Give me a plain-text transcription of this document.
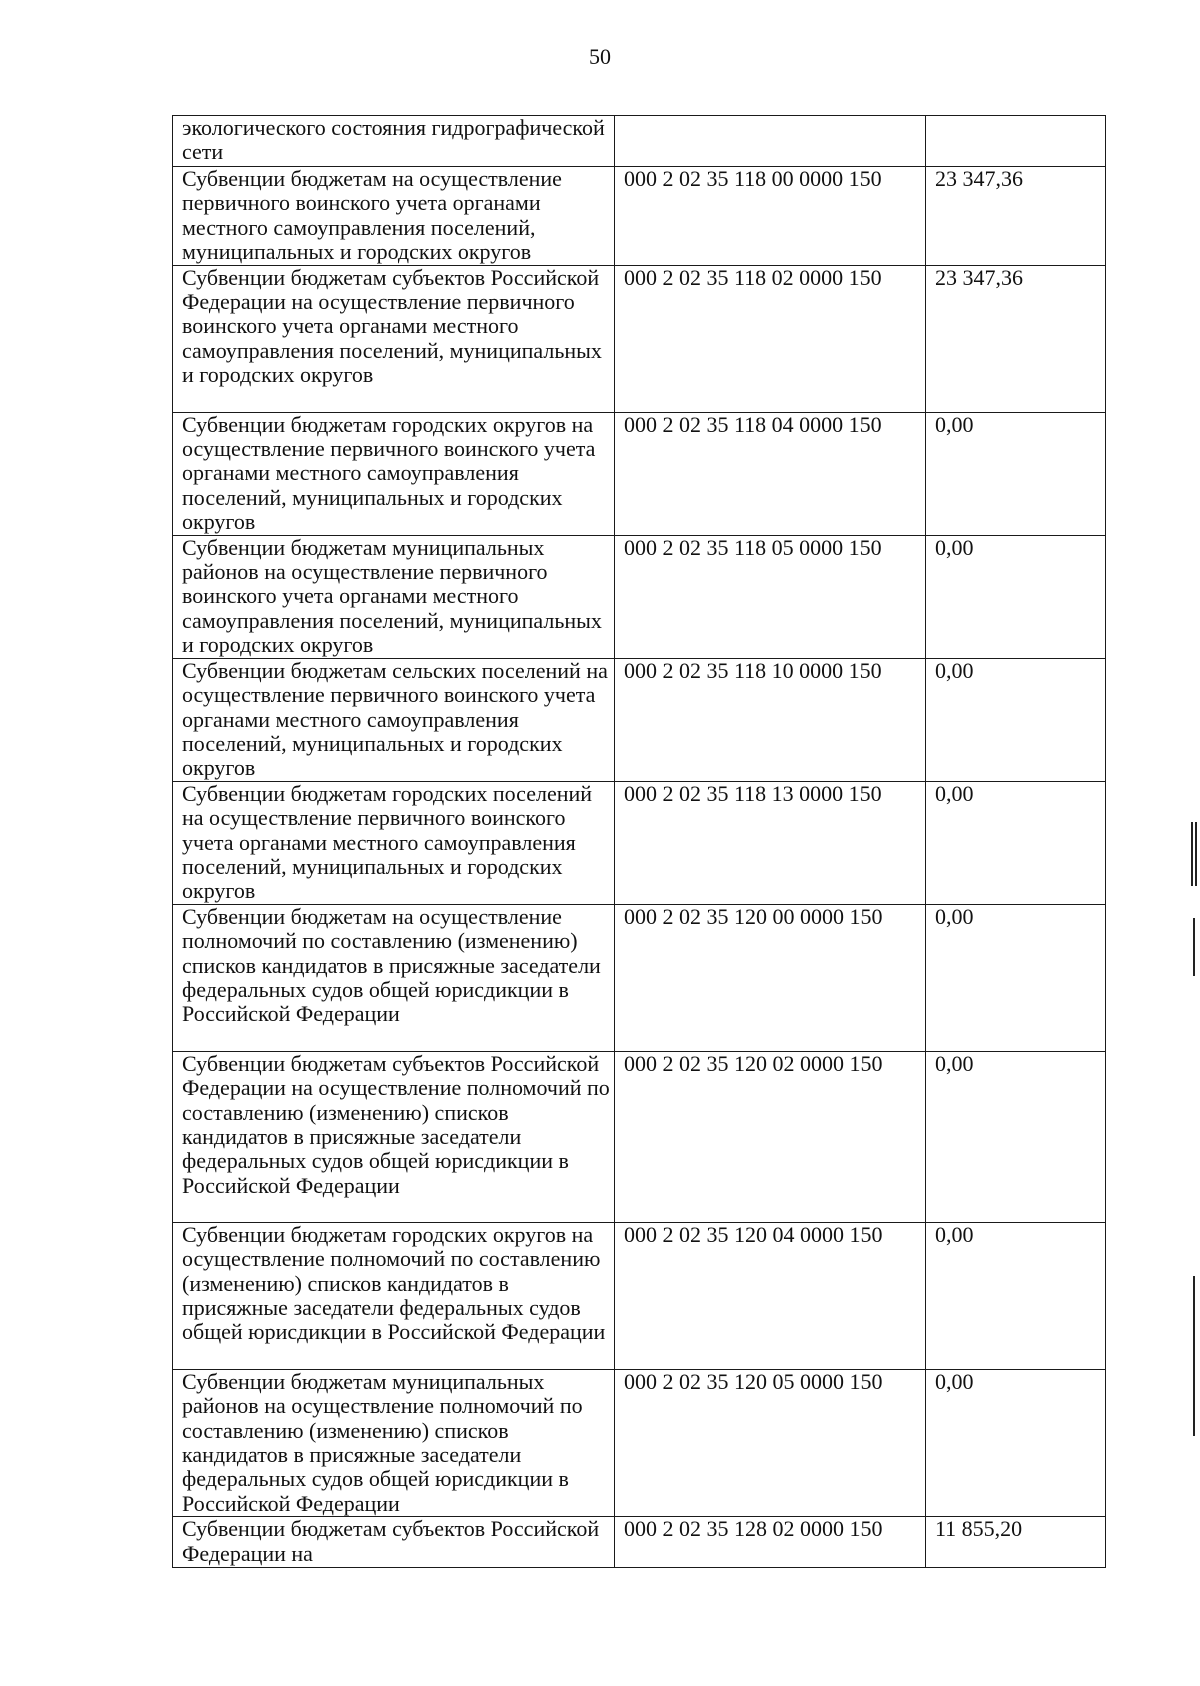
50
экологического состояния гидрографической сети		
Субвенции бюджетам на осуществление первичного воинского учета органами местного самоуправления поселений, муниципальных и городских округов	000 2 02 35 118 00 0000 150	23 347,36
Субвенции бюджетам субъектов Российской Федерации на осуществление первичного воинского учета органами местного самоуправления поселений, муниципальных и городских округов	000 2 02 35 118 02 0000 150	23 347,36
Субвенции бюджетам городских округов на осуществление первичного воинского учета органами местного самоуправления поселений, муниципальных и городских округов	000 2 02 35 118 04 0000 150	0,00
Субвенции бюджетам муниципальных районов на осуществление первичного воинского учета органами местного самоуправления поселений, муниципальных и городских округов	000 2 02 35 118 05 0000 150	0,00
Субвенции бюджетам сельских поселений на осуществление первичного воинского учета органами местного самоуправления поселений, муниципальных и городских округов	000 2 02 35 118 10 0000 150	0,00
Субвенции бюджетам городских поселений на осуществление первичного воинского учета органами местного самоуправления поселений, муниципальных и городских округов	000 2 02 35 118 13 0000 150	0,00
Субвенции бюджетам на осуществление полномочий по составлению (изменению) списков кандидатов в присяжные заседатели федеральных судов общей юрисдикции в Российской Федерации	000 2 02 35 120 00 0000 150	0,00
Субвенции бюджетам субъектов Российской Федерации на осуществление полномочий по составлению (изменению) списков кандидатов в присяжные заседатели федеральных судов общей юрисдикции в Российской Федерации	000 2 02 35 120 02 0000 150	0,00
Субвенции бюджетам городских округов на осуществление полномочий по составлению (изменению) списков кандидатов в присяжные заседатели федеральных судов общей юрисдикции в Российской Федерации	000 2 02 35 120 04 0000 150	0,00
Субвенции бюджетам муниципальных районов на осуществление полномочий по составлению (изменению) списков кандидатов в присяжные заседатели федеральных судов общей юрисдикции в Российской Федерации	000 2 02 35 120 05 0000 150	0,00
Субвенции бюджетам субъектов Российской Федерации на	000 2 02 35 128 02 0000 150	11 855,20
